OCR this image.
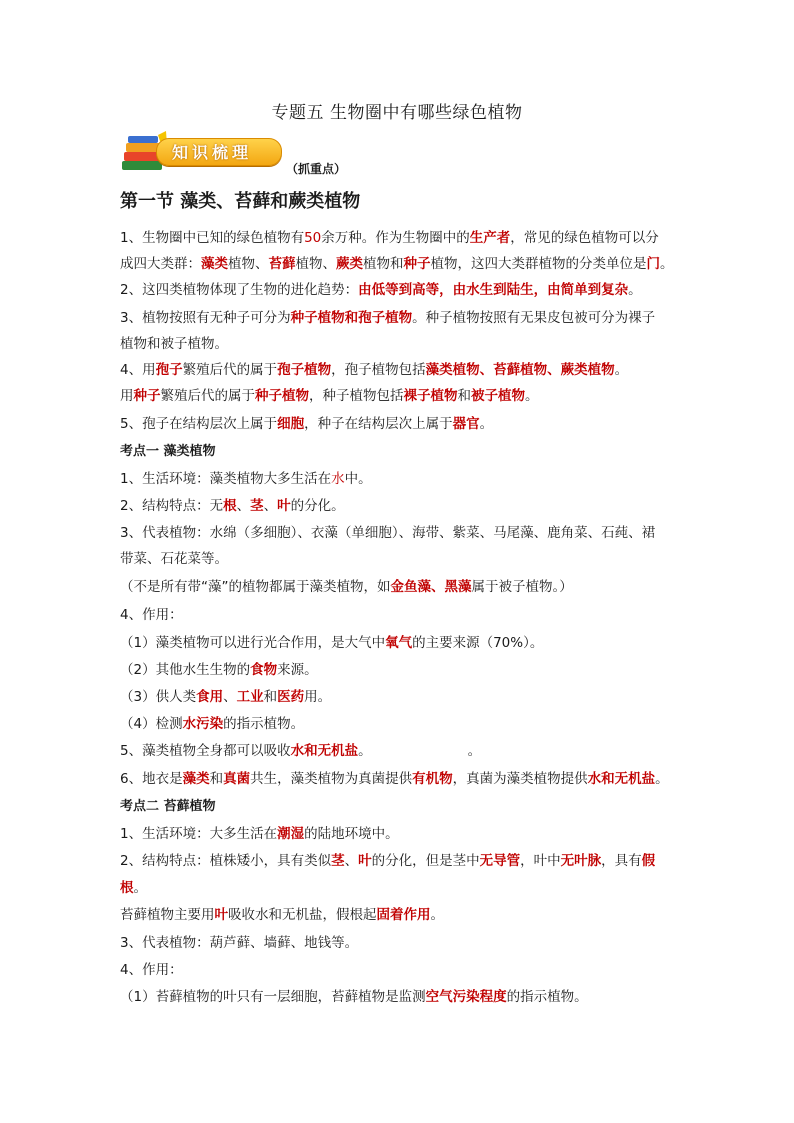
专题五 生物圈中有哪些绿色植物
知识梳理
（抓重点）
第一节 藻类、苔藓和蕨类植物
1、生物圈中已知的绿色植物有50余万种。作为生物圈中的生产者，常见的绿色植物可以分
成四大类群：藻类植物、苔藓植物、蕨类植物和种子植物，这四大类群植物的分类单位是门。
2、这四类植物体现了生物的进化趋势：由低等到高等，由水生到陆生，由简单到复杂。
3、植物按照有无种子可分为种子植物和孢子植物。种子植物按照有无果皮包被可分为裸子
植物和被子植物。
4、用孢子繁殖后代的属于孢子植物，孢子植物包括藻类植物、苔藓植物、蕨类植物。
用种子繁殖后代的属于种子植物，种子植物包括裸子植物和被子植物。
5、孢子在结构层次上属于细胞，种子在结构层次上属于器官。
考点一 藻类植物
1、生活环境：藻类植物大多生活在水中。
2、结构特点：无根、茎、叶的分化。
3、代表植物：水绵（多细胞）、衣藻（单细胞）、海带、紫菜、马尾藻、鹿角菜、石莼、裙
带菜、石花菜等。
（不是所有带“藻”的植物都属于藻类植物，如金鱼藻、黑藻属于被子植物。）
4、作用：
（1）藻类植物可以进行光合作用，是大气中氧气的主要来源（70%）。
（2）其他水生生物的食物来源。
（3）供人类食用、工业和医药用。
（4）检测水污染的指示植物。
5、藻类植物全身都可以吸收水和无机盐。	。
6、地衣是藻类和真菌共生，藻类植物为真菌提供有机物，真菌为藻类植物提供水和无机盐。
考点二 苔藓植物
1、生活环境：大多生活在潮湿的陆地环境中。
2、结构特点：植株矮小，具有类似茎、叶的分化，但是茎中无导管，叶中无叶脉，具有假
根。
苔藓植物主要用叶吸收水和无机盐，假根起固着作用。
3、代表植物：葫芦藓、墙藓、地钱等。
4、作用：
（1）苔藓植物的叶只有一层细胞，苔藓植物是监测空气污染程度的指示植物。
